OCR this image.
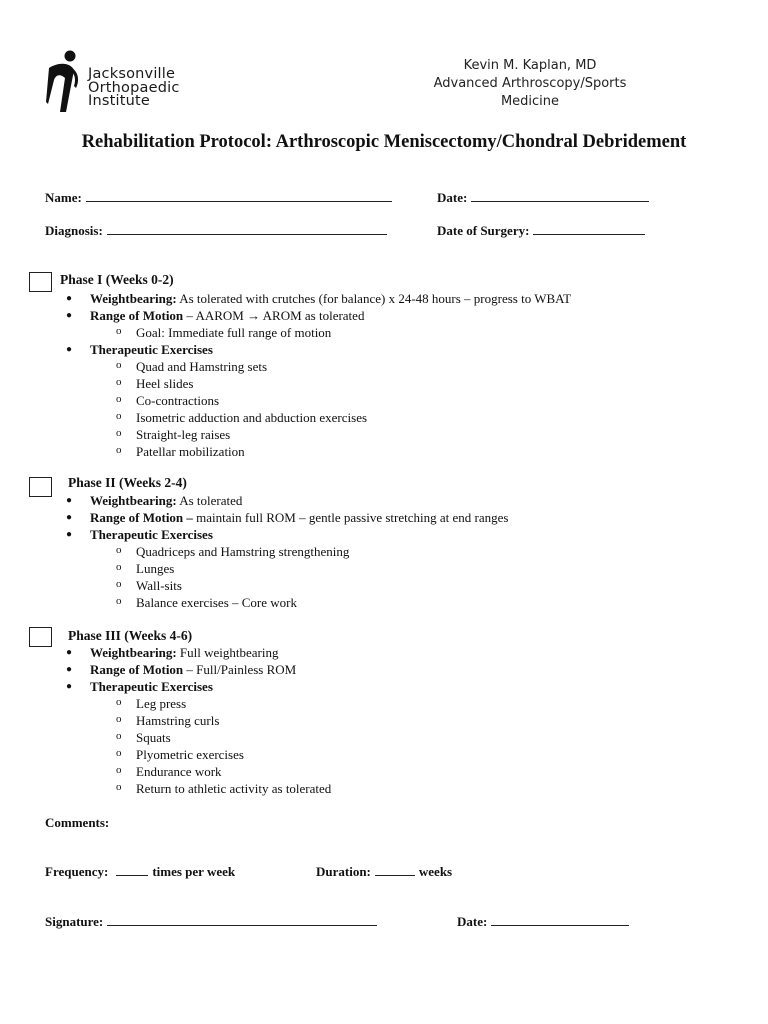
Jacksonville
Orthopaedic
Institute
Kevin M. Kaplan, MD
Advanced Arthroscopy/Sports
Medicine
Rehabilitation Protocol: Arthroscopic Meniscectomy/Chondral Debridement
Name:	Date:
Diagnosis:	Date of Surgery:
Phase I (Weeks 0-2)
● Weightbearing: As tolerated with crutches (for balance) x 24-48 hours – progress to WBAT
● Range of Motion – AAROM → AROM as tolerated
o Goal: Immediate full range of motion
● Therapeutic Exercises
o Quad and Hamstring sets
o Heel slides
o Co-contractions
o Isometric adduction and abduction exercises
o Straight-leg raises
o Patellar mobilization
Phase II (Weeks 2-4)
● Weightbearing: As tolerated
● Range of Motion – maintain full ROM – gentle passive stretching at end ranges
● Therapeutic Exercises
o Quadriceps and Hamstring strengthening
o Lunges
o Wall-sits
o Balance exercises – Core work
Phase III (Weeks 4-6)
● Weightbearing: Full weightbearing
● Range of Motion – Full/Painless ROM
● Therapeutic Exercises
o Leg press
o Hamstring curls
o Squats
o Plyometric exercises
o Endurance work
o Return to athletic activity as tolerated
Comments:
Frequency:	times per week	Duration:	weeks
Signature:	Date:
